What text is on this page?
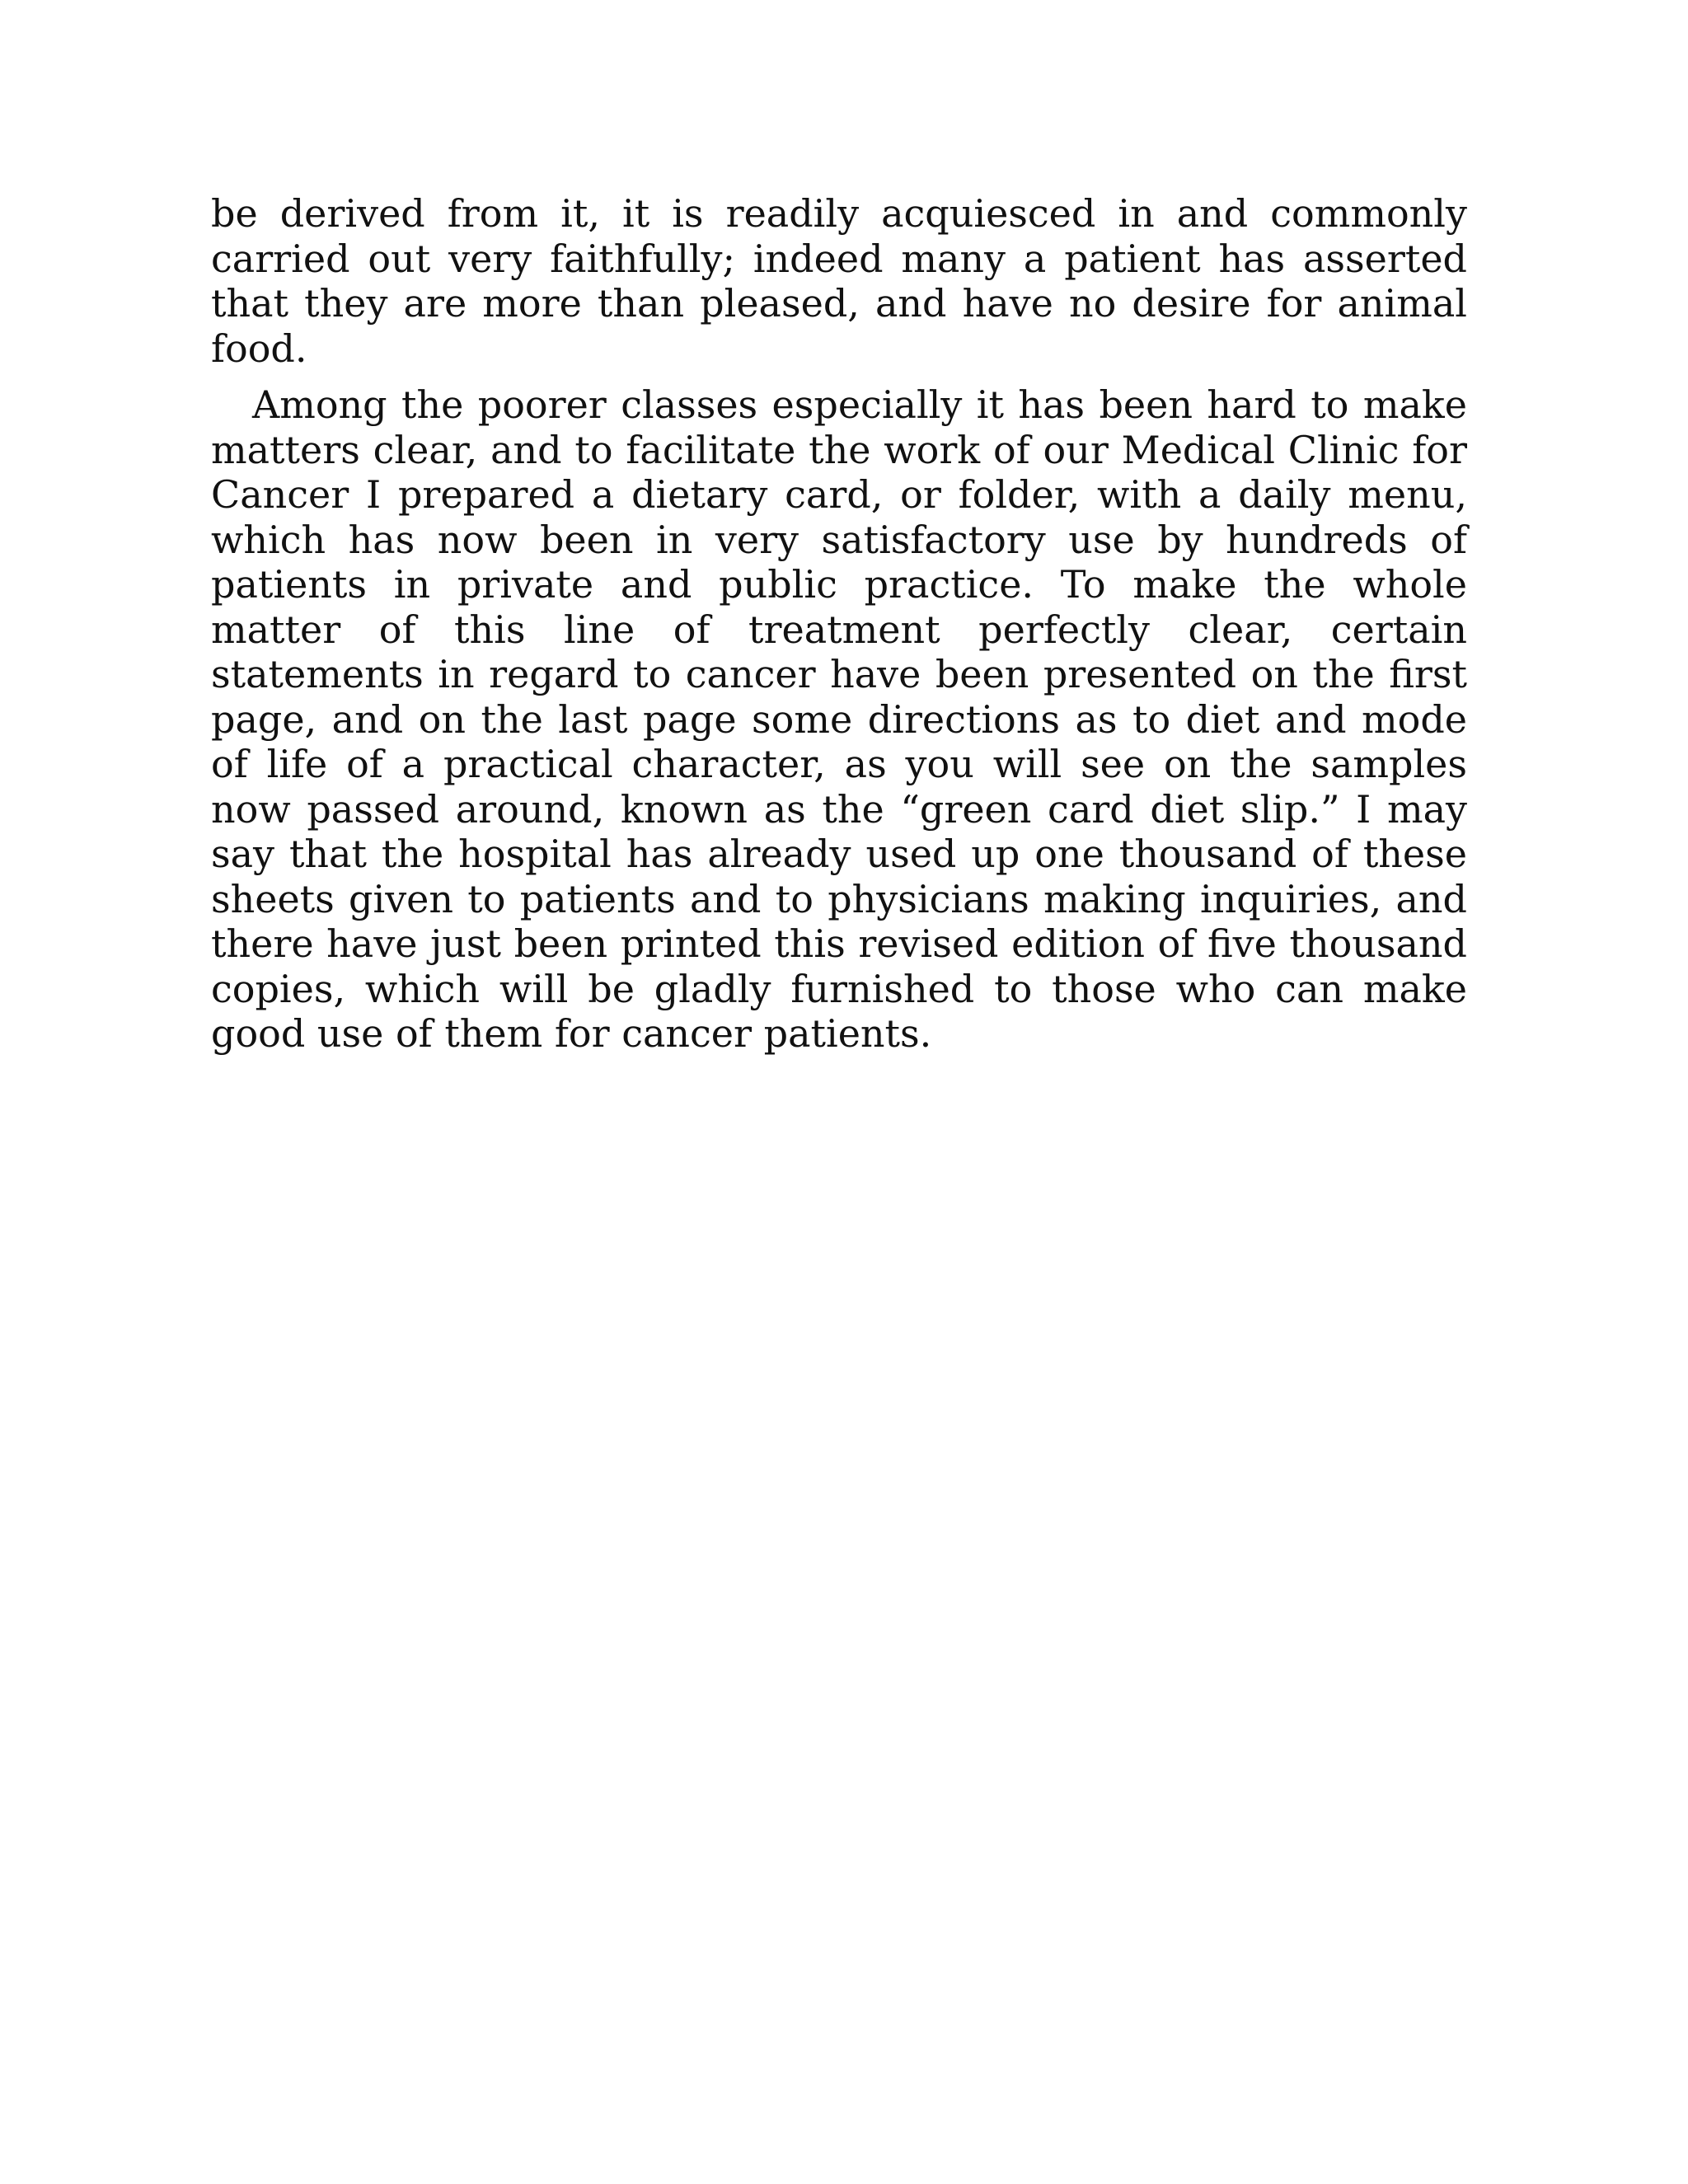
be derived from it, it is readily acquiesced in and commonly carried out very faithfully; indeed many a patient has asserted that they are more than pleased, and have no desire for animal food.

Among the poorer classes especially it has been hard to make matters clear, and to facilitate the work of our Medical Clinic for Cancer I prepared a dietary card, or folder, with a daily menu, which has now been in very satisfactory use by hundreds of patients in private and public practice. To make the whole matter of this line of treatment perfectly clear, certain statements in regard to cancer have been presented on the first page, and on the last page some directions as to diet and mode of life of a practical character, as you will see on the samples now passed around, known as the “green card diet slip.” I may say that the hospital has already used up one thousand of these sheets given to patients and to physicians making inquiries, and there have just been printed this revised edition of five thousand copies, which will be gladly furnished to those who can make good use of them for cancer patients.
